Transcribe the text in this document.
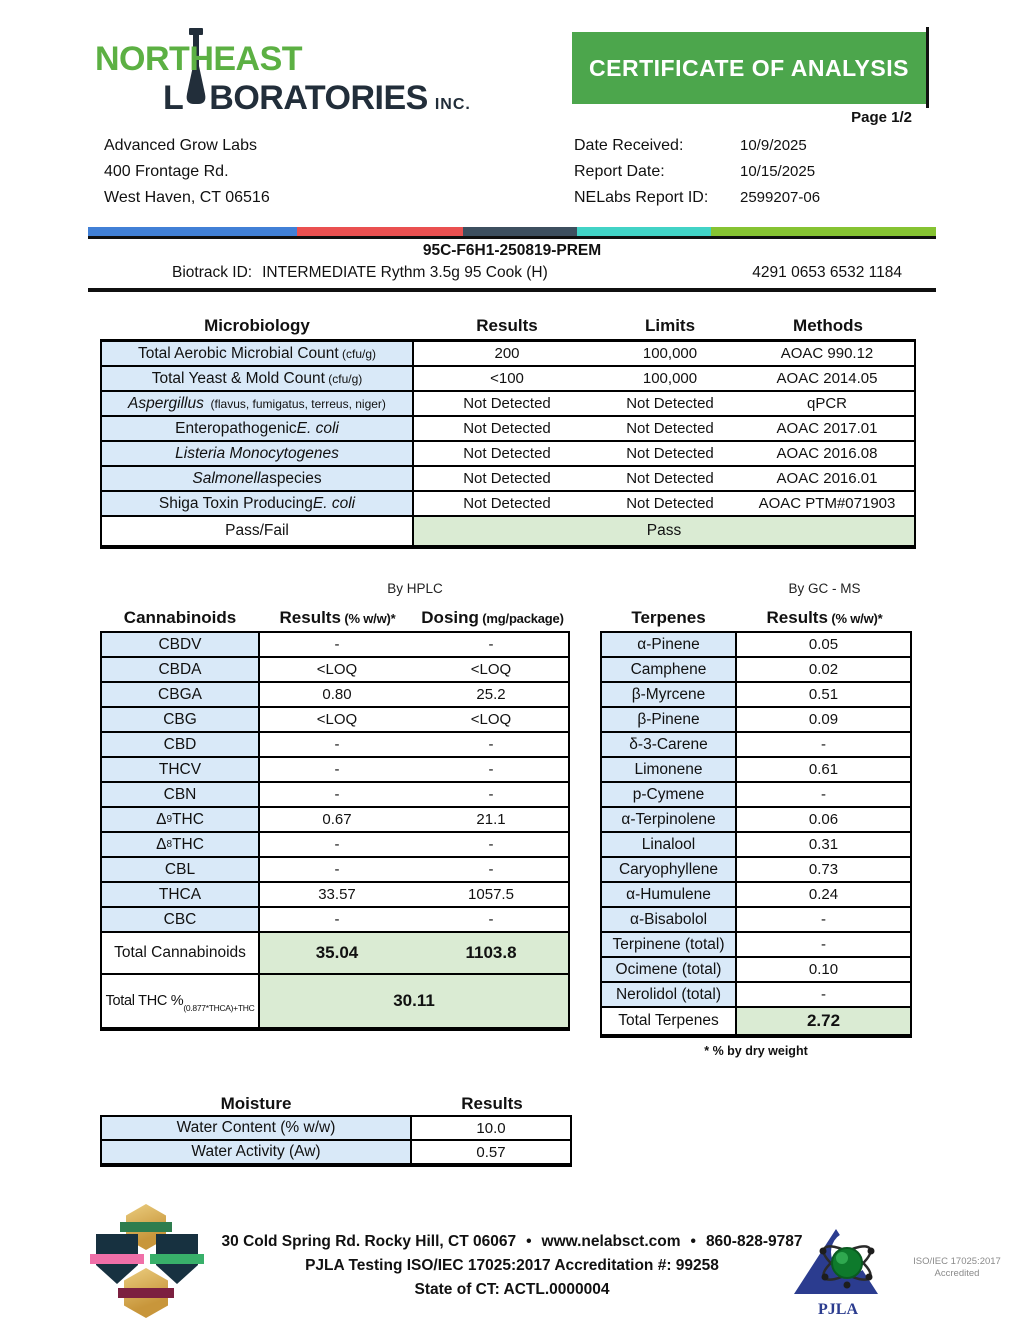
NORTHEAST
L BORATORIES INC.
CERTIFICATE OF ANALYSIS
Page 1/2
Advanced Grow Labs
400 Frontage Rd.
West Haven, CT 06516
Date Received:	10/9/2025
Report Date:	10/15/2025
NELabs Report ID:	2599207-06
95C-F6H1-250819-PREM
Biotrack ID: INTERMEDIATE Rythm 3.5g 95 Cook (H)	4291 0653 6532 1184
Microbiology	Results	Limits	Methods
Total Aerobic Microbial Count (cfu/g)	200	100,000	AOAC 990.12
Total Yeast & Mold Count (cfu/g)	<100	100,000	AOAC 2014.05
Aspergillus (flavus, fumigatus, terreus, niger)	Not Detected	Not Detected	qPCR
Enteropathogenic E. coli	Not Detected	Not Detected	AOAC 2017.01
Listeria Monocytogenes	Not Detected	Not Detected	AOAC 2016.08
Salmonella species	Not Detected	Not Detected	AOAC 2016.01
Shiga Toxin Producing E. coli	Not Detected	Not Detected	AOAC PTM#071903
Pass/Fail	Pass
By HPLC
Cannabinoids	Results (% w/w)*	Dosing (mg/package)
CBDV	-	-
CBDA	<LOQ	<LOQ
CBGA	0.80	25.2
CBG	<LOQ	<LOQ
CBD	-	-
THCV	-	-
CBN	-	-
Δ 9 THC	0.67	21.1
Δ 8 THC	-	-
CBL	-	-
THCA	33.57	1057.5
CBC	-	-
Total Cannabinoids	35.04	1103.8
Total THC % (0.877*THCA)+THC	30.11
By GC - MS
Terpenes	Results (% w/w)*
α-Pinene	0.05
Camphene	0.02
β-Myrcene	0.51
β-Pinene	0.09
δ-3-Carene	-
Limonene	0.61
p-Cymene	-
α-Terpinolene	0.06
Linalool	0.31
Caryophyllene	0.73
α-Humulene	0.24
α-Bisabolol	-
Terpinene (total)	-
Ocimene (total)	0.10
Nerolidol (total)	-
Total Terpenes	2.72
* % by dry weight
Moisture	Results
Water Content (% w/w)	10.0
Water Activity (Aw)	0.57
30 Cold Spring Rd. Rocky Hill, CT 06067 • www.nelabsct.com • 860-828-9787
PJLA Testing ISO/IEC 17025:2017 Accreditation #: 99258
State of CT: ACTL.0000004
PJLA
ISO/IEC 17025:2017
Accredited
